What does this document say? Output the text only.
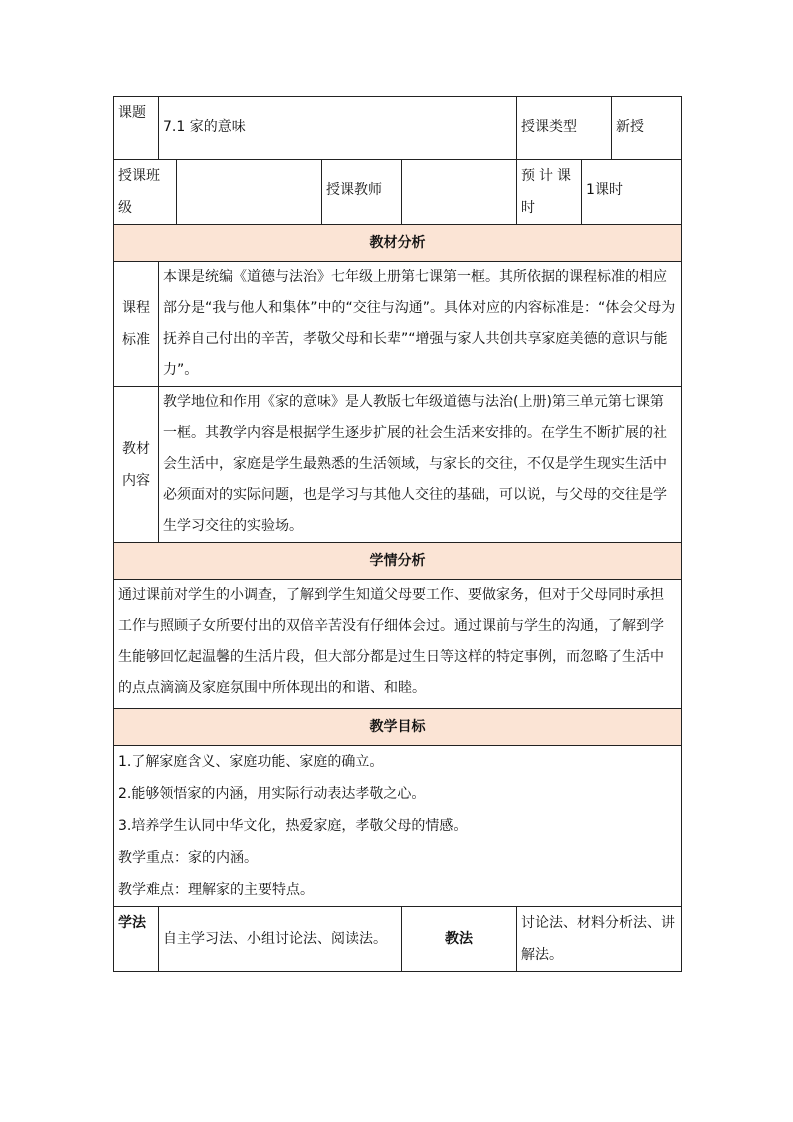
课题	7.1 家的意味				授课类型		新授
授课班级			授课教师		预计课时	1课时	
教材分析							
课程标准	本课是统编《道德与法治》七年级上册第七课第一框。其所依据的课程标准的相应部分是“我与他人和集体”中的“交往与沟通”。具体对应的内容标准是：“体会父母为抚养自己付出的辛苦，孝敬父母和长辈”“增强与家人共创共享家庭美德的意识与能力”。						
教材内容	教学地位和作用《家的意味》是人教版七年级道德与法治(上册)第三单元第七课第一框。其教学内容是根据学生逐步扩展的社会生活来安排的。在学生不断扩展的社会生活中，家庭是学生最熟悉的生活领域，与家长的交往，不仅是学生现实生活中必须面对的实际问题，也是学习与其他人交往的基础，可以说，与父母的交往是学生学习交往的实验场。						
学情分析							
通过课前对学生的小调查，了解到学生知道父母要工作、要做家务，但对于父母同时承担工作与照顾子女所要付出的双倍辛苦没有仔细体会过。通过课前与学生的沟通，了解到学生能够回忆起温馨的生活片段，但大部分都是过生日等这样的特定事例，而忽略了生活中的点点滴滴及家庭氛围中所体现出的和谐、和睦。							
教学目标							

1.了解家庭含义、家庭功能、家庭的确立。

2.能够领悟家的内涵，用实际行动表达孝敬之心。

3.培养学生认同中华文化，热爱家庭，孝敬父母的情感。

教学重点：家的内涵。

教学难点：理解家的主要特点。							

学法	自主学习法、小组讨论法、阅读法。			教法	讨论法、材料分析法、讲解法。		
